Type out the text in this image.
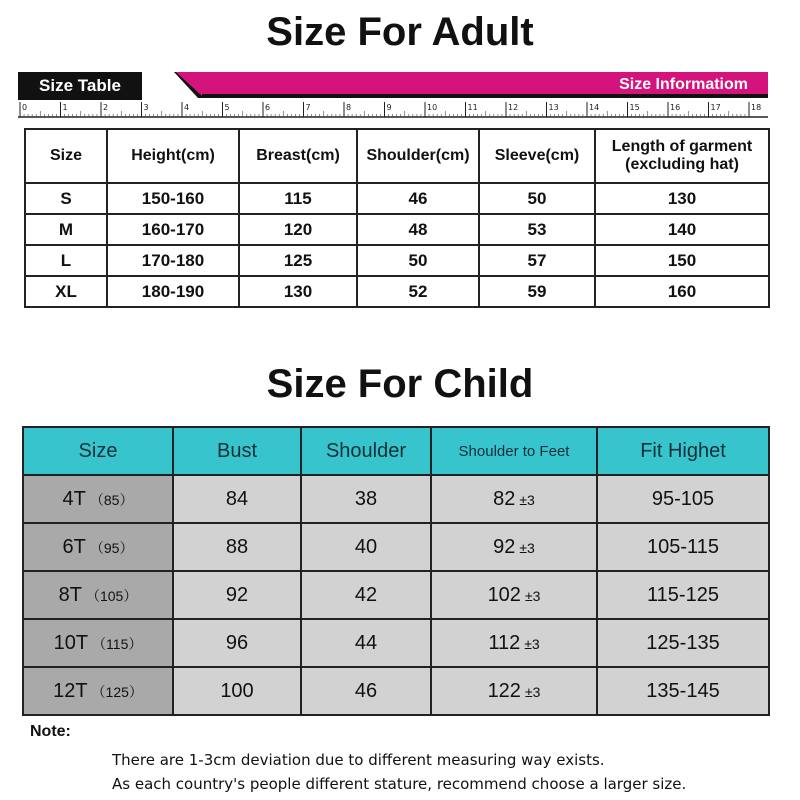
Size For Adult
Size Table	Size Informatiom
0	1	2	3	4	5	6	7	8	9	10	11	12	13	14	15	16	17	18
Size	Height(cm)	Breast(cm)	Shoulder(cm)	Sleeve(cm)	Length of garment
(excluding hat)

S	150-160	115	46	50	130
M	160-170	120	48	53	140
L	170-180	125	50	57	150
XL	180-190	130	52	59	160
Size For Child
Size	Bust	Shoulder	Shoulder to Feet	Fit Highet
4T （85）	84	38	82 ±3	95-105
6T （95）	88	40	92 ±3	105-115
8T （105）	92	42	102 ±3	115-125
10T （115）	96	44	112 ±3	125-135
12T （125）	100	46	122 ±3	135-145
Note:
There are 1-3cm deviation due to different measuring way exists.
As each country's people different stature, recommend choose a larger size.
